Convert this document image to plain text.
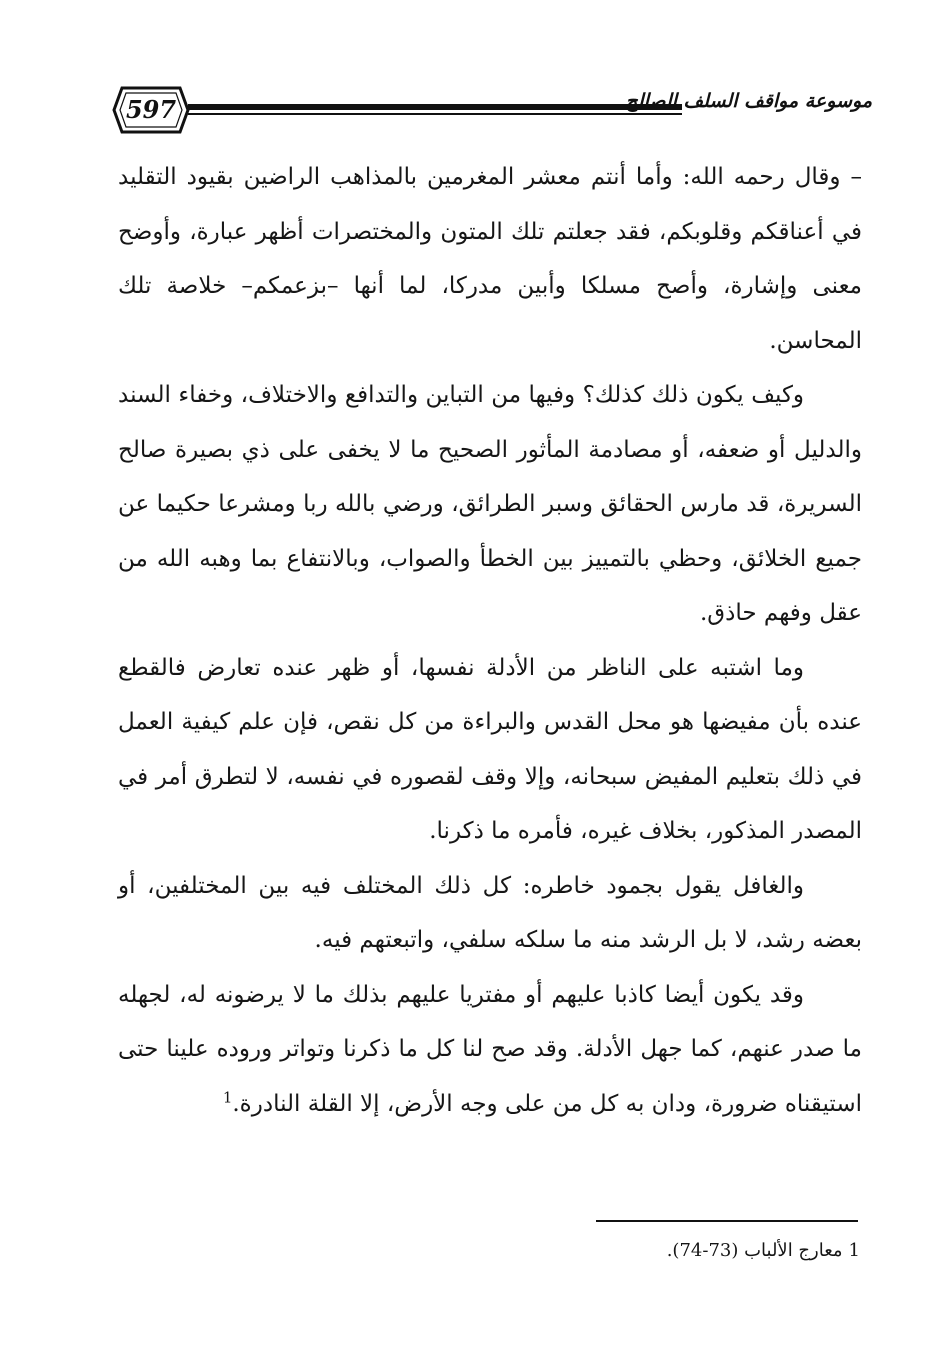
597	موسوعة مواقف السلف الصالح

– وقال رحمه الله: وأما أنتم معشر المغرمين بالمذاهب الراضين بقيود التقليد في أعناقكم وقلوبكم، فقد جعلتم تلك المتون والمختصرات أظهر عبارة، وأوضح معنى وإشارة، وأصح مسلكا وأبين مدركا، لما أنها –بزعمكم– خلاصة تلك المحاسن.

وكيف يكون ذلك كذلك؟ وفيها من التباين والتدافع والاختلاف، وخفاء السند والدليل أو ضعفه، أو مصادمة المأثور الصحيح ما لا يخفى على ذي بصيرة صالح السريرة، قد مارس الحقائق وسبر الطرائق، ورضي بالله ربا ومشرعا حكيما عن جميع الخلائق، وحظي بالتمييز بين الخطأ والصواب، وبالانتفاع بما وهبه الله من عقل وفهم حاذق.

وما اشتبه على الناظر من الأدلة نفسها، أو ظهر عنده تعارض فالقطع عنده بأن مفيضها هو محل القدس والبراءة من كل نقص، فإن علم كيفية العمل في ذلك بتعليم المفيض سبحانه، وإلا وقف لقصوره في نفسه، لا لتطرق أمر في المصدر المذكور، بخلاف غيره، فأمره ما ذكرنا.

والغافل يقول بجمود خاطره: كل ذلك المختلف فيه بين المختلفين، أو بعضه رشد، لا بل الرشد منه ما سلكه سلفي، واتبعتهم فيه.

وقد يكون أيضا كاذبا عليهم أو مفتريا عليهم بذلك ما لا يرضونه له، لجهله ما صدر عنهم، كما جهل الأدلة. وقد صح لنا كل ما ذكرنا وتواتر وروده علينا حتى استيقناه ضرورة، ودان به كل من على وجه الأرض، إلا القلة النادرة.$^1$

1معارج الألباب (73-74).
